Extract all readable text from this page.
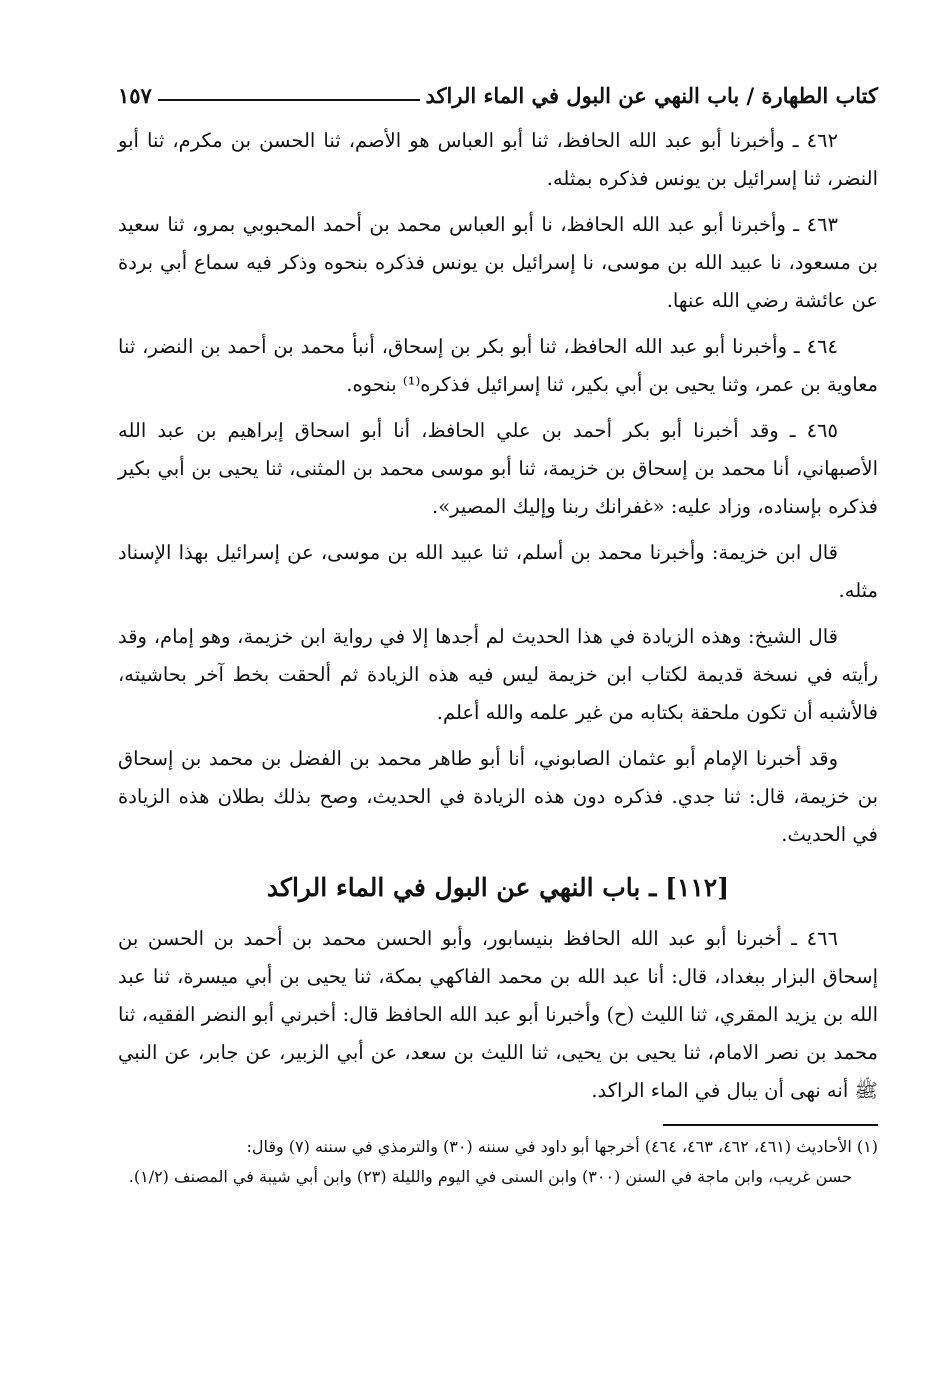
كتاب الطهارة / باب النهي عن البول في الماء الراكد
١٥٧

٤٦٢ ـ وأخبرنا أبو عبد الله الحافظ، ثنا أبو العباس هو الأصم، ثنا الحسن بن مكرم، ثنا أبو النضر، ثنا إسرائيل بن يونس فذكره بمثله.

٤٦٣ ـ وأخبرنا أبو عبد الله الحافظ، نا أبو العباس محمد بن أحمد المحبوبي بمرو، ثنا سعيد بن مسعود، نا عبيد الله بن موسى، نا إسرائيل بن يونس فذكره بنحوه وذكر فيه سماع أبي بردة عن عائشة رضي الله عنها.

٤٦٤ ـ وأخبرنا أبو عبد الله الحافظ، ثنا أبو بكر بن إسحاق، أنبأ محمد بن أحمد بن النضر، ثنا معاوية بن عمر، وثنا يحيى بن أبي بكير، ثنا إسرائيل فذكره⁽¹⁾ بنحوه.

٤٦٥ ـ وقد أخبرنا أبو بكر أحمد بن علي الحافظ، أنا أبو اسحاق إبراهيم بن عبد الله الأصبهاني، أنا محمد بن إسحاق بن خزيمة، ثنا أبو موسى محمد بن المثنى، ثنا يحيى بن أبي بكير فذكره بإسناده، وزاد عليه: «غفرانك ربنا وإليك المصير».

قال ابن خزيمة: وأخبرنا محمد بن أسلم، ثنا عبيد الله بن موسى، عن إسرائيل بهذا الإسناد مثله.

قال الشيخ: وهذه الزيادة في هذا الحديث لم أجدها إلا في رواية ابن خزيمة، وهو إمام، وقد رأيته في نسخة قديمة لكتاب ابن خزيمة ليس فيه هذه الزيادة ثم ألحقت بخط آخر بحاشيته، فالأشبه أن تكون ملحقة بكتابه من غير علمه والله أعلم.

وقد أخبرنا الإمام أبو عثمان الصابوني، أنا أبو طاهر محمد بن الفضل بن محمد بن إسحاق بن خزيمة، قال: ثنا جدي. فذكره دون هذه الزيادة في الحديث، وصح بذلك بطلان هذه الزيادة في الحديث.

[١١٢] ـ باب النهي عن البول في الماء الراكد

٤٦٦ ـ أخبرنا أبو عبد الله الحافظ بنيسابور، وأبو الحسن محمد بن أحمد بن الحسن بن إسحاق البزار ببغداد، قال: أنا عبد الله بن محمد الفاكهي بمكة، ثنا يحيى بن أبي ميسرة، ثنا عبد الله بن يزيد المقري، ثنا الليث (ح) وأخبرنا أبو عبد الله الحافظ قال: أخبرني أبو النضر الفقيه، ثنا محمد بن نصر الامام، ثنا يحيى بن يحيى، ثنا الليث بن سعد، عن أبي الزبير، عن جابر، عن النبي ﷺ أنه نهى أن يبال في الماء الراكد.

(١) الأحاديث (٤٦١، ٤٦٢، ٤٦٣، ٤٦٤) أخرجها أبو داود في سننه (٣٠) والترمذي في سننه (٧) وقال:

حسن غريب، وابن ماجة في السنن (٣٠٠) وابن السنى في اليوم والليلة (٢٣) وابن أبي شيبة في المصنف (١/٢).
